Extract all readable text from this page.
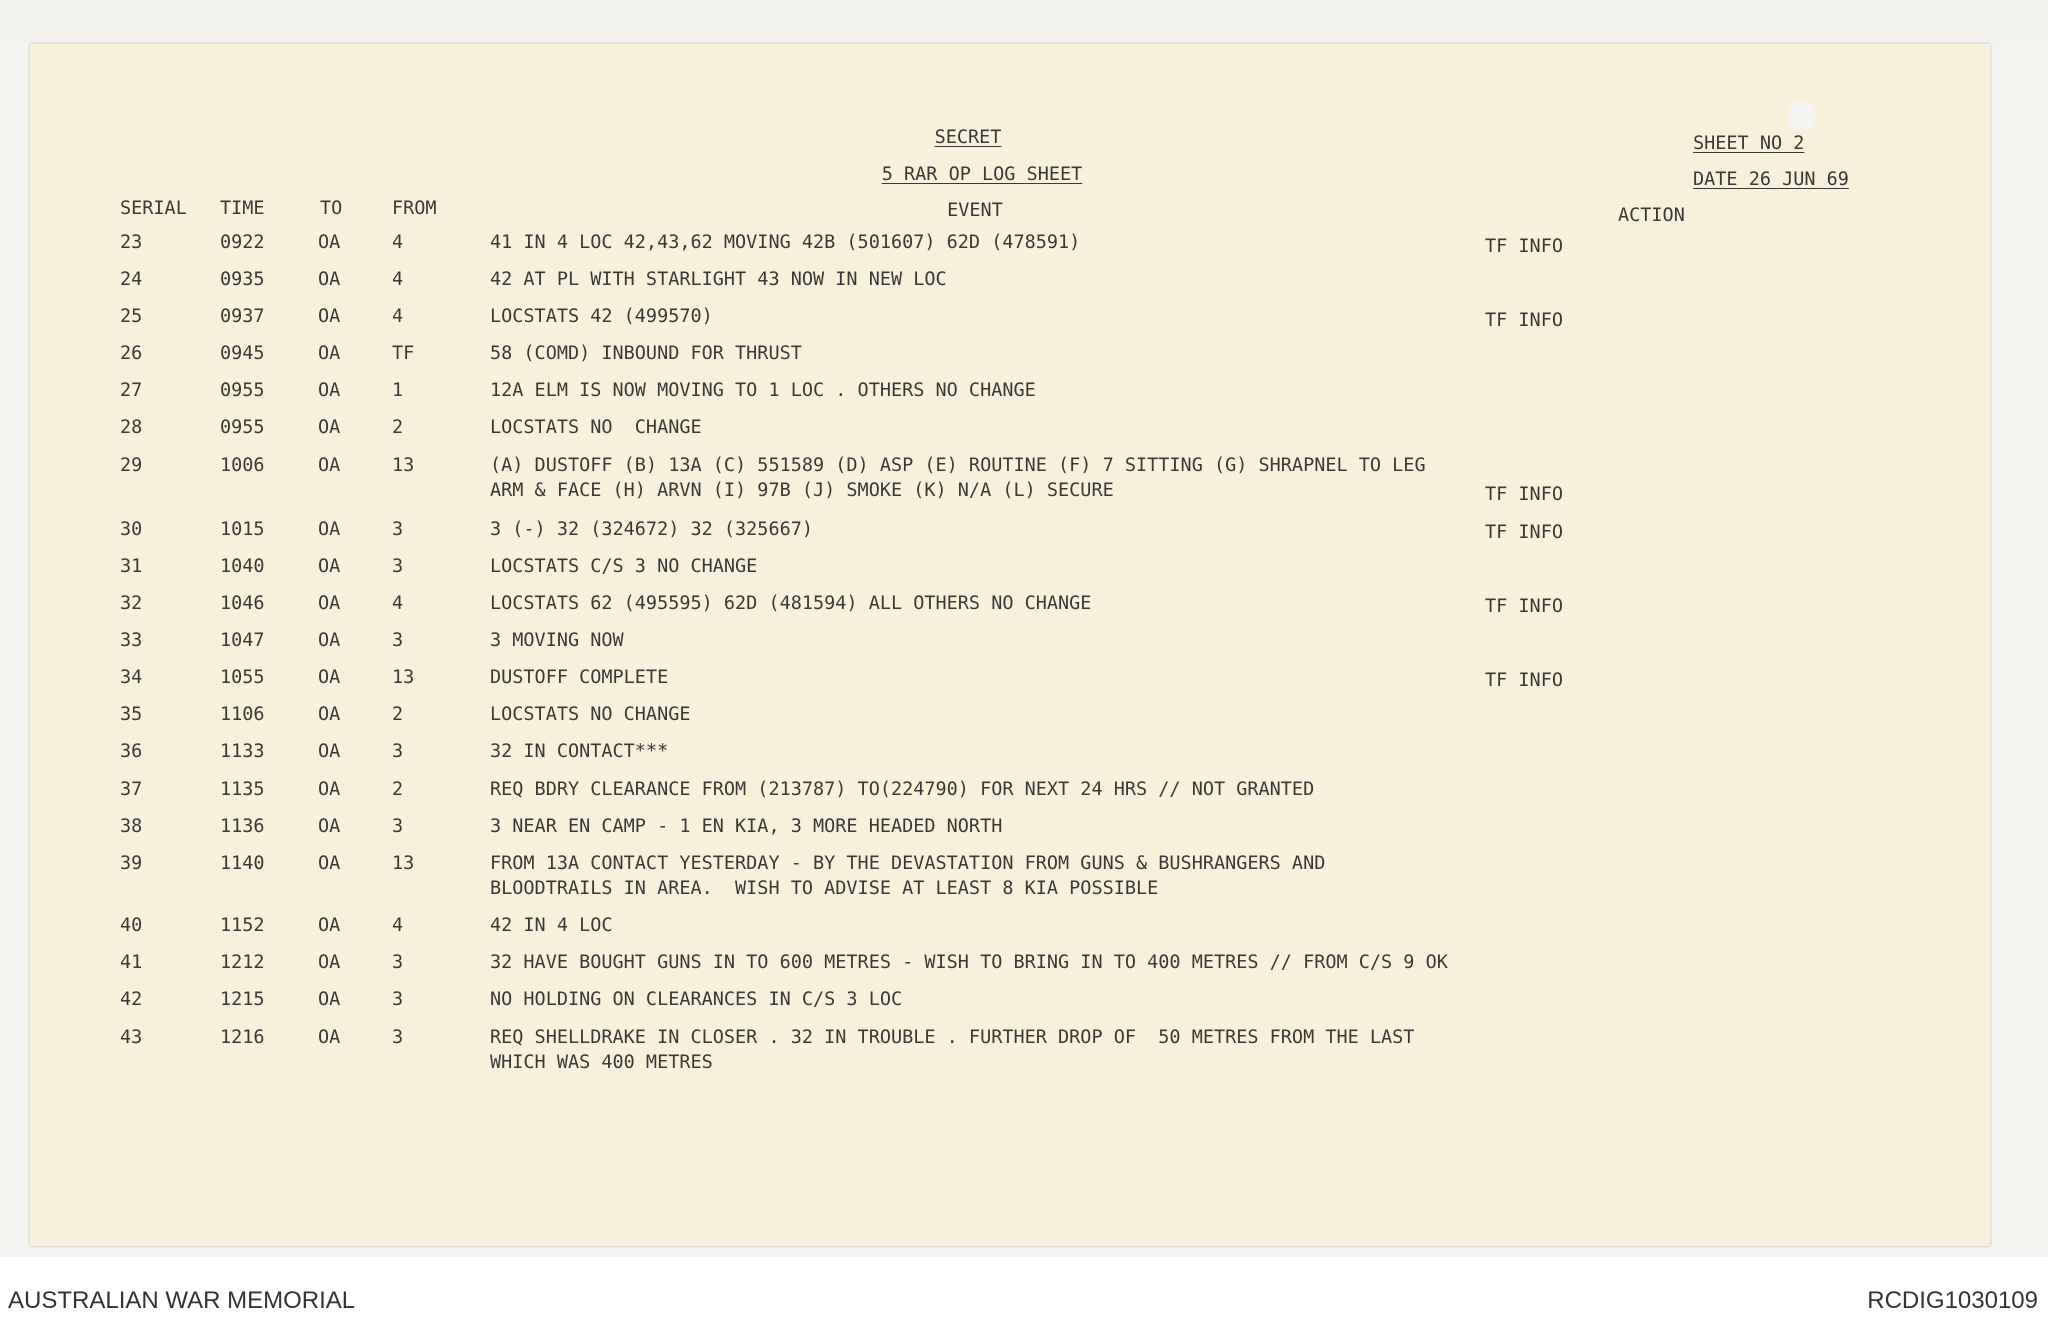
SECRET
5 RAR OP LOG SHEET
SHEET NO 2
DATE 26 JUN 69
SERIAL TIME	TO	FROM	EVENT	ACTION
23	0922	OA	4	41 IN 4 LOC 42,43,62 MOVING 42B (501607) 62D (478591)	TF INFO
24	0935	OA	4	42 AT PL WITH STARLIGHT 43 NOW IN NEW LOC
25	0937	OA	4	LOCSTATS 42 (499570)	TF INFO
26	0945	OA	TF	58 (COMD) INBOUND FOR THRUST
27	0955	OA	1	12A ELM IS NOW MOVING TO 1 LOC . OTHERS NO CHANGE
28	0955	OA	2	LOCSTATS NO  CHANGE
29	1006	OA	13	(A) DUSTOFF (B) 13A (C) 551589 (D) ASP (E) ROUTINE (F) 7 SITTING (G) SHRAPNEL TO LEG
ARM & FACE (H) ARVN (I) 97B (J) SMOKE (K) N/A (L) SECURE	TF INFO
30	1015	OA	3	3 (-) 32 (324672) 32 (325667)	TF INFO
31	1040	OA	3	LOCSTATS C/S 3 NO CHANGE
32	1046	OA	4	LOCSTATS 62 (495595) 62D (481594) ALL OTHERS NO CHANGE	TF INFO
33	1047	OA	3	3 MOVING NOW
34	1055	OA	13	DUSTOFF COMPLETE	TF INFO
35	1106	OA	2	LOCSTATS NO CHANGE
36	1133	OA	3	32 IN CONTACT***
37	1135	OA	2	REQ BDRY CLEARANCE FROM (213787) TO(224790) FOR NEXT 24 HRS // NOT GRANTED
38	1136	OA	3	3 NEAR EN CAMP - 1 EN KIA, 3 MORE HEADED NORTH
39	1140	OA	13	FROM 13A CONTACT YESTERDAY - BY THE DEVASTATION FROM GUNS & BUSHRANGERS AND
BLOODTRAILS IN AREA.  WISH TO ADVISE AT LEAST 8 KIA POSSIBLE
40	1152	OA	4	42 IN 4 LOC
41	1212	OA	3	32 HAVE BOUGHT GUNS IN TO 600 METRES - WISH TO BRING IN TO 400 METRES // FROM C/S 9 OK
42	1215	OA	3	NO HOLDING ON CLEARANCES IN C/S 3 LOC
43	1216	OA	3	REQ SHELLDRAKE IN CLOSER . 32 IN TROUBLE . FURTHER DROP OF  50 METRES FROM THE LAST
WHICH WAS 400 METRES
AUSTRALIAN WAR MEMORIAL	RCDIG1030109
